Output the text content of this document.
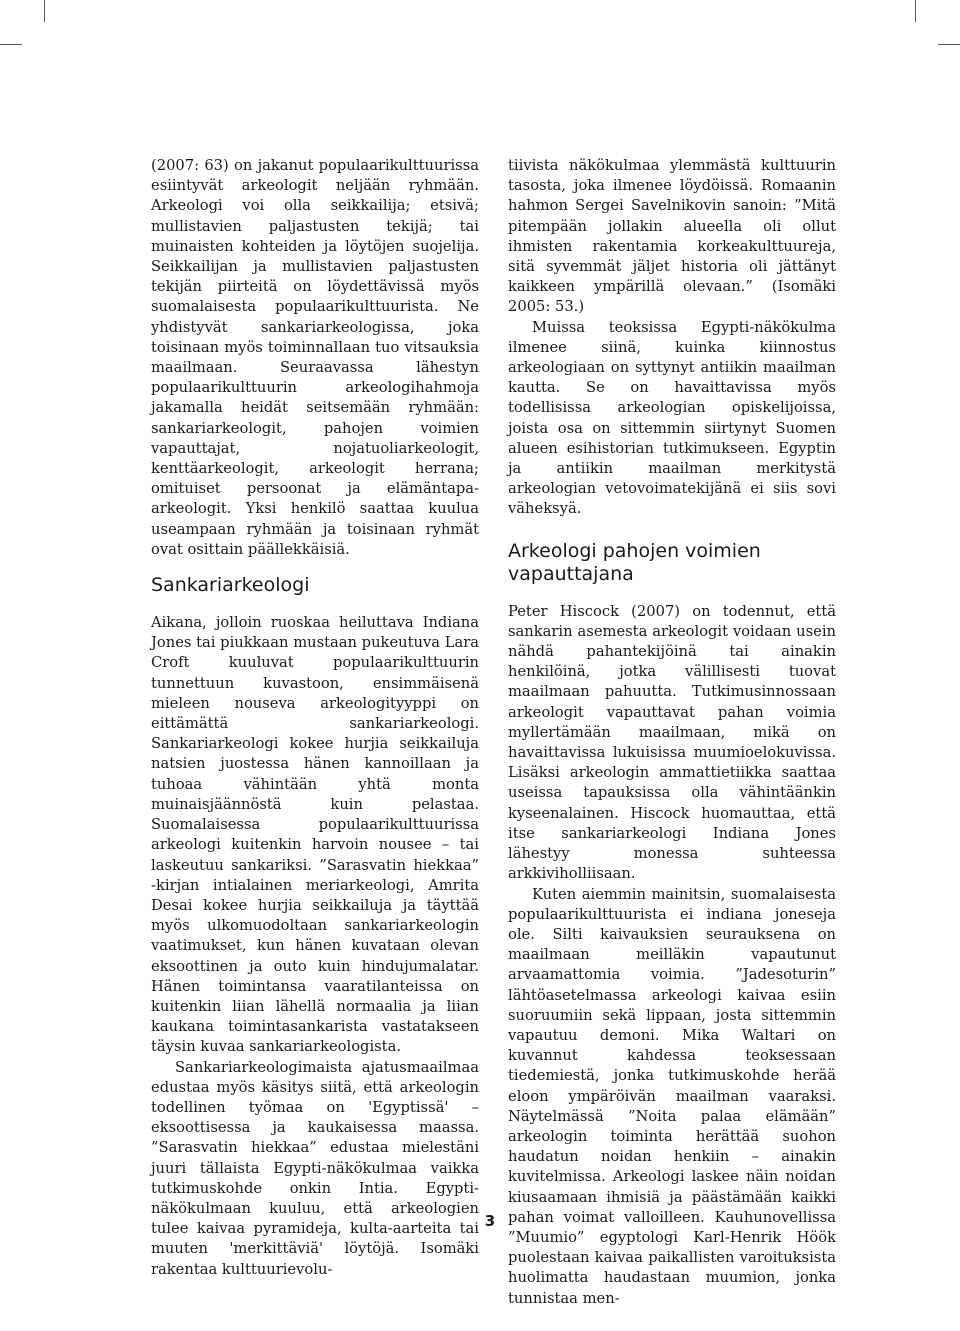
(2007: 63) on jakanut populaarikulttuurissa esiintyvät arkeologit neljään ryhmään. Arkeologi voi olla seikkailija; etsivä; mullistavien paljastusten tekijä; tai muinaisten kohteiden ja löytöjen suojelija. Seikkailijan ja mullistavien paljastusten tekijän piirteitä on löydettävissä myös suomalaisesta populaarikulttuurista. Ne yhdistyvät sankariarkeologissa, joka toisinaan myös toiminnallaan tuo vitsauksia maailmaan. Seuraavassa lähestyn populaarikulttuurin arkeologihahmoja jakamalla heidät seitsemään ryhmään: sankariarkeologit, pahojen voimien vapauttajat, nojatuoliarkeologit, kenttäarkeologit, arkeologit herrana; omituiset persoonat ja elämäntapa-arkeologit. Yksi henkilö saattaa kuulua useampaan ryhmään ja toisinaan ryhmät ovat osittain päällekkäisiä.

Sankariarkeologi

Aikana, jolloin ruoskaa heiluttava Indiana Jones tai piukkaan mustaan pukeutuva Lara Croft kuuluvat populaarikulttuurin tunnettuun kuvastoon, ensimmäisenä mieleen nouseva arkeologityyppi on eittämättä sankariarkeologi. Sankariarkeologi kokee hurjia seikkailuja natsien juostessa hänen kannoillaan ja tuhoaa vähintään yhtä monta muinaisjäännöstä kuin pelastaa. Suomalaisessa populaarikulttuurissa arkeologi kuitenkin harvoin nousee – tai laskeutuu sankariksi. ”Sarasvatin hiekkaa” -kirjan intialainen meriarkeologi, Amrita Desai kokee hurjia seikkailuja ja täyttää myös ulkomuodoltaan sankariarkeologin vaatimukset, kun hänen kuvataan olevan eksoottinen ja outo kuin hindujumalatar. Hänen toimintansa vaaratilanteissa on kuitenkin liian lähellä normaalia ja liian kaukana toimintasankarista vastatakseen täysin kuvaa sankariarkeologista.

Sankariarkeologimaista ajatusmaailmaa edustaa myös käsitys siitä, että arkeologin todellinen työmaa on 'Egyptissä' – eksoottisessa ja kaukaisessa maassa. ”Sarasvatin hiekkaa” edustaa mielestäni juuri tällaista Egypti-näkökulmaa vaikka tutkimuskohde onkin Intia. Egypti-näkökulmaan kuuluu, että arkeologien tulee kaivaa pyramideja, kulta-aarteita tai muuten 'merkittäviä' löytöjä. Isomäki rakentaa kulttuurievolu-

tiivista näkökulmaa ylemmästä kulttuurin tasosta, joka ilmenee löydöissä. Romaanin hahmon Sergei Savelnikovin sanoin: ”Mitä pitempään jollakin alueella oli ollut ihmisten rakentamia korkeakulttuureja, sitä syvemmät jäljet historia oli jättänyt kaikkeen ympärillä olevaan.” (Isomäki 2005: 53.)

Muissa teoksissa Egypti-näkökulma ilmenee siinä, kuinka kiinnostus arkeologiaan on syttynyt antiikin maailman kautta. Se on havaittavissa myös todellisissa arkeologian opiskelijoissa, joista osa on sittemmin siirtynyt Suomen alueen esihistorian tutkimukseen. Egyptin ja antiikin maailman merkitystä arkeologian vetovoimatekijänä ei siis sovi väheksyä.

Arkeologi pahojen voimien vapauttajana

Peter Hiscock (2007) on todennut, että sankarin asemesta arkeologit voidaan usein nähdä pahantekijöinä tai ainakin henkilöinä, jotka välillisesti tuovat maailmaan pahuutta. Tutkimusinnossaan arkeologit vapauttavat pahan voimia myllertämään maailmaan, mikä on havaittavissa lukuisissa muumioelokuvissa. Lisäksi arkeologin ammattietiikka saattaa useissa tapauksissa olla vähintäänkin kyseenalainen. Hiscock huomauttaa, että itse sankariarkeologi Indiana Jones lähestyy monessa suhteessa arkkiviholliisaan.

Kuten aiemmin mainitsin, suomalaisesta populaarikulttuurista ei indiana joneseja ole. Silti kaivauksien seurauksena on maailmaan meilläkin vapautunut arvaamattomia voimia. ”Jadesoturin” lähtöasetelmassa arkeologi kaivaa esiin suoruumiin sekä lippaan, josta sittemmin vapautuu demoni. Mika Waltari on kuvannut kahdessa teoksessaan tiedemiestä, jonka tutkimuskohde herää eloon ympäröivän maailman vaaraksi. Näytelmässä ”Noita palaa elämään” arkeologin toiminta herättää suohon haudatun noidan henkiin – ainakin kuvitelmissa. Arkeologi laskee näin noidan kiusaamaan ihmisiä ja päästämään kaikki pahan voimat valloilleen. Kauhunovellissa ”Muumio” egyptologi Karl-Henrik Höök puolestaan kaivaa paikallisten varoituksista huolimatta haudastaan muumion, jonka tunnistaa men-

3
